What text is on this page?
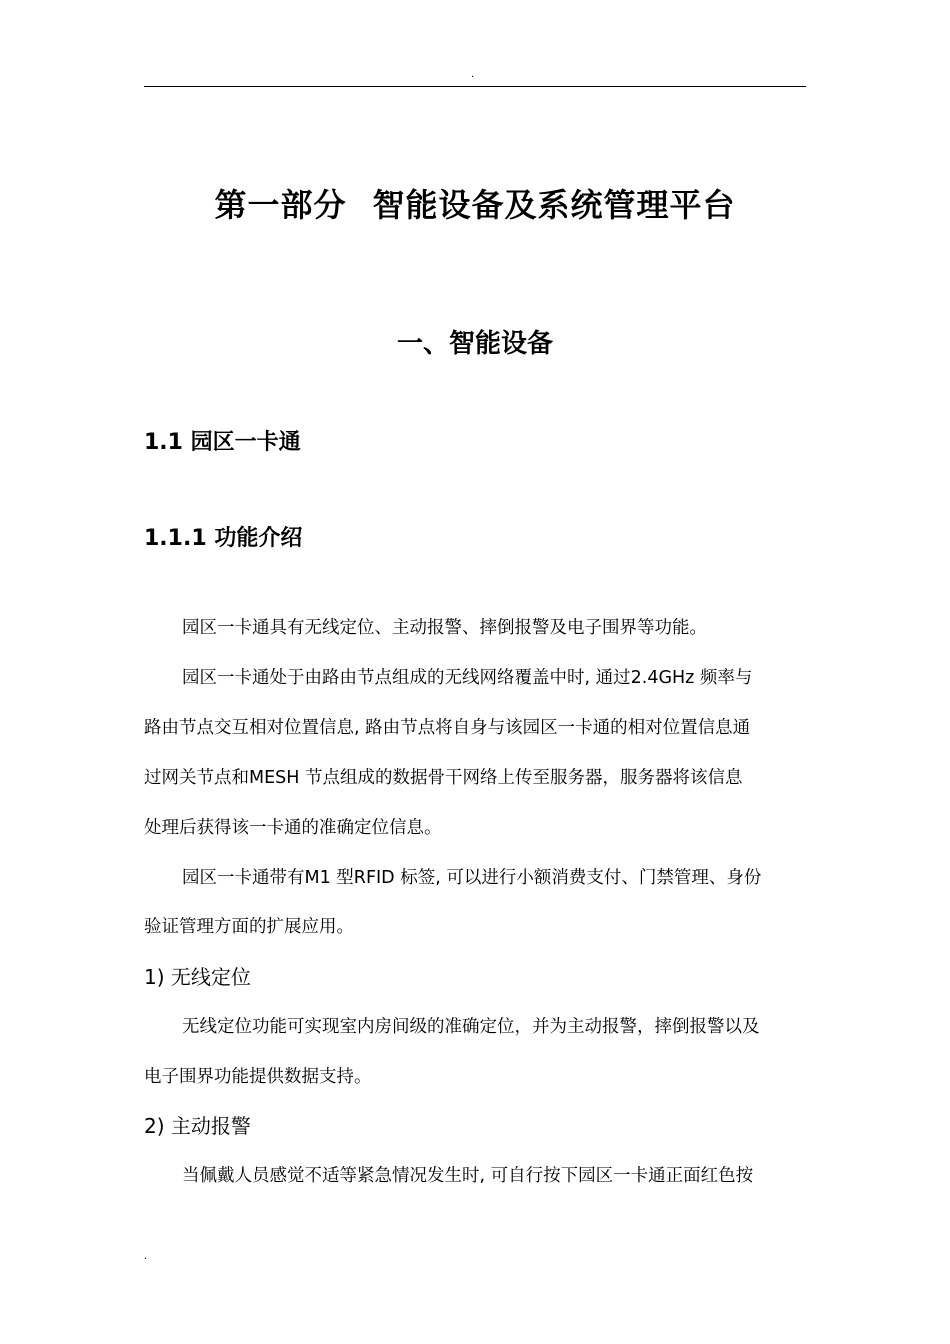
.
第一部分 智能设备及系统管理平台
一、智能设备
1.1 园区一卡通
1.1.1 功能介绍
园区一卡通具有无线定位、主动报警、摔倒报警及电子围界等功能。
园区一卡通处于由路由节点组成的无线网络覆盖中时, 通过2.4GHz 频率与
路由节点交互相对位置信息, 路由节点将自身与该园区一卡通的相对位置信息通
过网关节点和MESH 节点组成的数据骨干网络上传至服务器，服务器将该信息
处理后获得该一卡通的准确定位信息。
园区一卡通带有M1 型RFID 标签, 可以进行小额消费支付、门禁管理、身份
验证管理方面的扩展应用。
1) 无线定位
无线定位功能可实现室内房间级的准确定位，并为主动报警，摔倒报警以及
电子围界功能提供数据支持。
2) 主动报警
当佩戴人员感觉不适等紧急情况发生时, 可自行按下园区一卡通正面红色按
.
